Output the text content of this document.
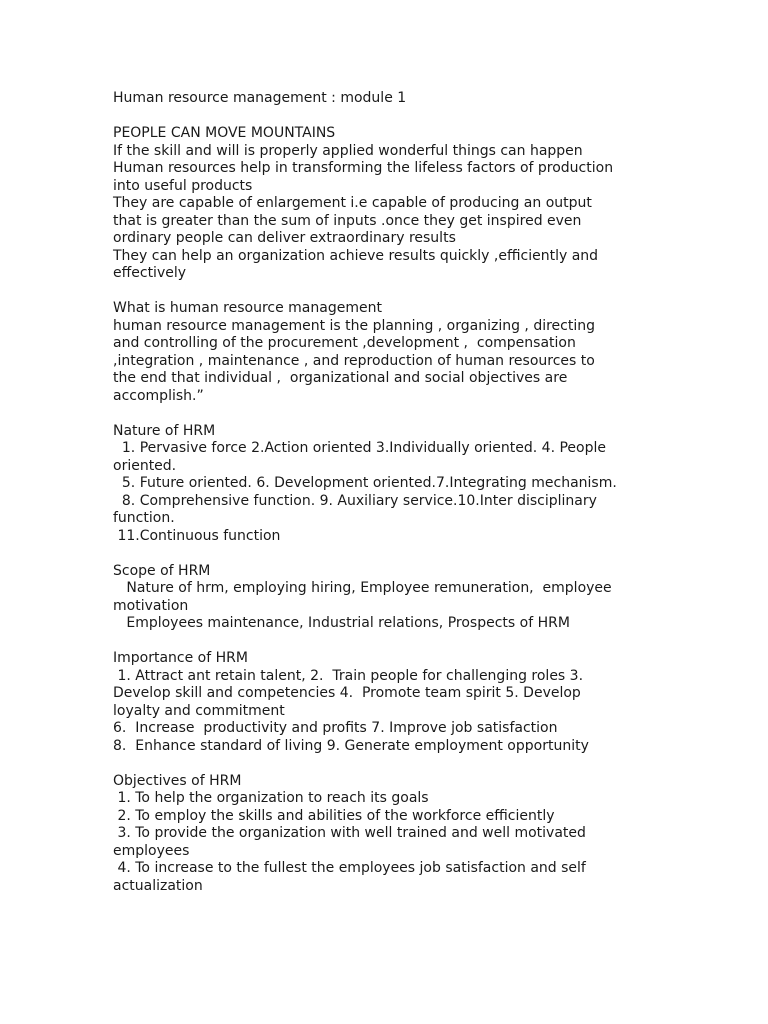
Human resource management : module 1

PEOPLE CAN MOVE MOUNTAINS
If the skill and will is properly applied wonderful things can happen
Human resources help in transforming the lifeless factors of production
into useful products
They are capable of enlargement i.e capable of producing an output
that is greater than the sum of inputs .once they get inspired even
ordinary people can deliver extraordinary results
They can help an organization achieve results quickly ,efficiently and
effectively
What is human resource management
human resource management is the planning , organizing , directing
and controlling of the procurement ,development ,  compensation
,integration , maintenance , and reproduction of human resources to
the end that individual ,  organizational and social objectives are
accomplish.”
Nature of HRM
1. Pervasive force 2.Action oriented 3.Individually oriented. 4. People
oriented.
5. Future oriented. 6. Development oriented.7.Integrating mechanism.
8. Comprehensive function. 9. Auxiliary service.10.Inter disciplinary
function.
11.Continuous function
Scope of HRM
Nature of hrm, employing hiring, Employee remuneration,  employee
motivation
Employees maintenance, Industrial relations, Prospects of HRM
Importance of HRM
1. Attract ant retain talent, 2.  Train people for challenging roles 3.
Develop skill and competencies 4.  Promote team spirit 5. Develop
loyalty and commitment
6.  Increase  productivity and profits 7. Improve job satisfaction
8.  Enhance standard of living 9. Generate employment opportunity
Objectives of HRM
1. To help the organization to reach its goals
2. To employ the skills and abilities of the workforce efficiently
3. To provide the organization with well trained and well motivated
employees
4. To increase to the fullest the employees job satisfaction and self
actualization
